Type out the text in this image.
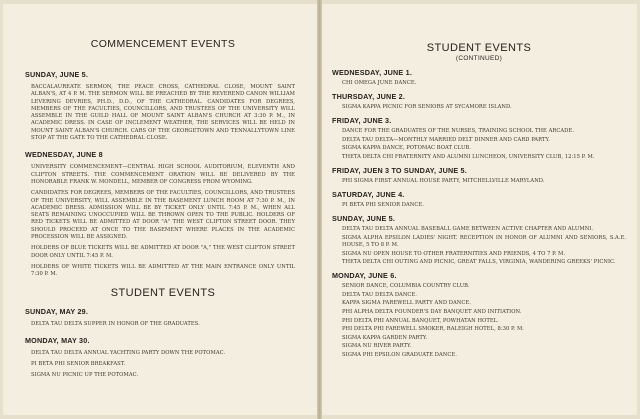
COMMENCEMENT EVENTS
SUNDAY, JUNE 5.
BACCALAUREATE SERMON, THE PEACE CROSS, CATHEDRAL CLOSE, MOUNT SAINT ALBAN'S, AT 4 P. M. THE SERMON WILL BE PREACHED BY THE REVEREND CANON WILLIAM LEVERING DEVRIES, PH.D., D.D., OF THE CATHEDRAL. CANDIDATES FOR DEGREES, MEMBERS OF THE FACULTIES, COUNCILLORS, AND TRUSTEES OF THE UNIVERSITY WILL ASSEMBLE IN THE GUILD HALL OF MOUNT SAINT ALBAN'S CHURCH AT 3:30 P. M., IN ACADEMIC DRESS. IN CASE OF INCLEMENT WEATHER, THE SERVICES WILL BE HELD IN MOUNT SAINT ALBAN'S CHURCH. CARS OF THE GEORGETOWN AND TENNALLYTOWN LINE STOP AT THE GATE TO THE CATHEDRAL CLOSE.
WEDNESDAY, JUNE 8
UNIVERSITY COMMENCEMENT—CENTRAL HIGH SCHOOL AUDITORIUM, ELEVENTH AND CLIFTON STREETS. THE COMMENCEMENT ORATION WILL BE DELIVERED BY THE HONORABLE FRANK W. MONDELL, MEMBER OF CONGRESS FROM WYOMING.
CANDIDATES FOR DEGREES, MEMBERS OF THE FACULTIES, COUNCILLORS, AND TRUSTEES OF THE UNIVERSITY, WILL ASSEMBLE IN THE BASEMENT LUNCH ROOM AT 7:30 P. M., IN ACADEMIC DRESS. ADMISSION WILL BE BY TICKET ONLY UNTIL 7:45 P. M., WHEN ALL SEATS REMAINING UNOCCUPIED WILL BE THROWN OPEN TO THE PUBLIC. HOLDERS OF RED TICKETS WILL BE ADMITTED AT DOOR "A" THE WEST CLIFTON STREET DOOR. THEY SHOULD PROCEED AT ONCE TO THE BASEMENT WHERE PLACES IN THE ACADEMIC PROCESSION WILL BE ASSIGNED.
HOLDERS OF BLUE TICKETS WILL BE ADMITTED AT DOOR "A," THE WEST CLIFTON STREET DOOR ONLY UNTIL 7:45 P. M.
HOLDERS OF WHITE TICKETS WILL BE ADMITTED AT THE MAIN ENTRANCE ONLY UNTIL 7:30 P. M.
STUDENT EVENTS
SUNDAY, MAY 29.
DELTA TAU DELTA SUPPER IN HONOR OF THE GRADUATES.
MONDAY, MAY 30.
DELTA TAU DELTA ANNUAL YACHTING PARTY DOWN THE POTOMAC.
PI BETA PHI SENIOR BREAKFAST.
SIGMA NU PICNIC UP THE POTOMAC.
STUDENT EVENTS
(CONTINUED)
WEDNESDAY, JUNE 1.
CHI OMEGA JUNE DANCE.
THURSDAY, JUNE 2.
SIGMA KAPPA PICNIC FOR SENIORS AT SYCAMORE ISLAND.
FRIDAY, JUNE 3.
DANCE FOR THE GRADUATES OF THE NURSES, TRAINING SCHOOL THE ARCADE.
DELTA TAU DELTA—MONTHLY MARRIED DELT DINNER AND CARD PARTY.
SIGMA KAPPA DANCE, POTOMAC BOAT CLUB.
THETA DELTA CHI FRATERNITY AND ALUMNI LUNCHEON, UNIVERSITY CLUB, 12:15 P. M.
FRIDAY, JUEN 3 TO SUNDAY, JUNE 5.
PHI SIGMA FIRST ANNUAL HOUSE PARTY, MITCHELLVILLE MARYLAND.
SATURDAY, JUNE 4.
PI BETA PHI SENIOR DANCE.
SUNDAY, JUNE 5.
DELTA TAU DELTA ANNUAL BASEBALL GAME BETWEEN ACTIVE CHAPTER AND ALUMNI.
SIGMA ALPHA EPSILON LADIES' NIGHT. RECEPTION IN HONOR OF ALUMNI AND SENIORS, S.A.E. HOUSE, 5 TO 8 P. M.
SIGMA NU OPEN HOUSE TO OTHER FRATERNITIES AND FRIENDS, 4 TO 7 P. M.
THETA DELTA CHI OUTING AND PICNIC, GREAT FALLS, VIRGINIA, WANDERING GREEKS' PICNIC.
MONDAY, JUNE 6.
SENIOR DANCE, COLUMBIA COUNTRY CLUB.
DELTA TAU DELTA DANCE.
KAPPA SIGMA FAREWELL PARTY AND DANCE.
PHI ALPHA DELTA FOUNDER'S DAY BANQUET AND INITIATION.
PHI DELTA PHI ANNUAL BANQUET, POWHATAN HOTEL.
PHI DELTA PHI FAREWELL SMOKER, RALEIGH HOTEL, 8:30 P. M.
SIGMA KAPPA GARDEN PARTY.
SIGMA NU RIVER PARTY.
SIGMA PHI EPSILON GRADUATE DANCE.
